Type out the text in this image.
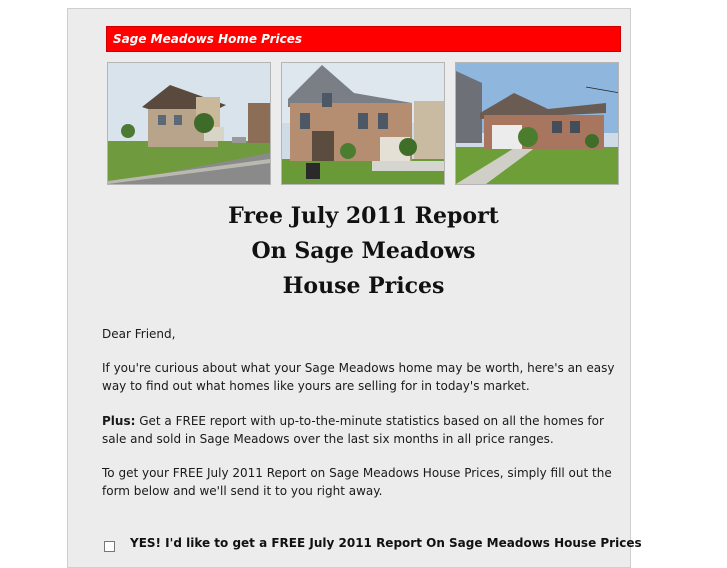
Sage Meadows Home Prices
Free July 2011 Report
On Sage Meadows
House Prices
Dear Friend,
If you're curious about what your Sage Meadows home may be worth, here's an easy way to find out what homes like yours are selling for in today's market.
Plus: Get a FREE report with up-to-the-minute statistics based on all the homes for sale and sold in Sage Meadows over the last six months in all price ranges.
To get your FREE July 2011 Report on Sage Meadows House Prices, simply fill out the form below and we'll send it to you right away.
YES! I'd like to get a FREE July 2011 Report On Sage Meadows House Prices
